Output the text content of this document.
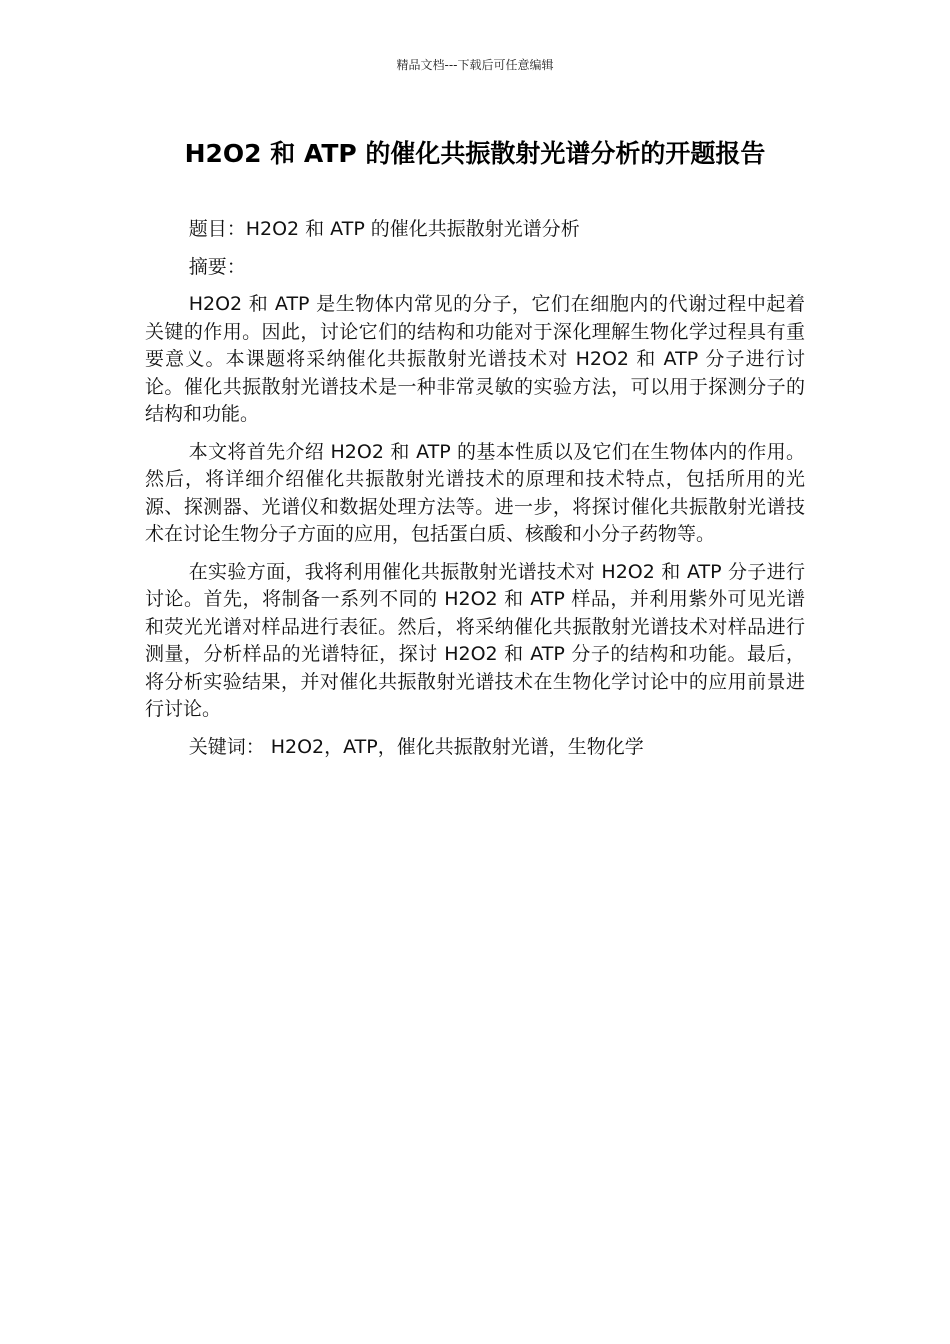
精品文档---下载后可任意编辑
H2O2 和 ATP 的催化共振散射光谱分析的开题报告

题目：H2O2 和 ATP 的催化共振散射光谱分析

摘要：

H2O2 和 ATP 是生物体内常见的分子，它们在细胞内的代谢过程中起着关键的作用。因此，讨论它们的结构和功能对于深化理解生物化学过程具有重要意义。本课题将采纳催化共振散射光谱技术对 H2O2 和 ATP 分子进行讨论。催化共振散射光谱技术是一种非常灵敏的实验方法，可以用于探测分子的结构和功能。

本文将首先介绍 H2O2 和 ATP 的基本性质以及它们在生物体内的作用。然后，将详细介绍催化共振散射光谱技术的原理和技术特点，包括所用的光源、探测器、光谱仪和数据处理方法等。进一步，将探讨催化共振散射光谱技术在讨论生物分子方面的应用，包括蛋白质、核酸和小分子药物等。

在实验方面，我将利用催化共振散射光谱技术对 H2O2 和 ATP 分子进行讨论。首先，将制备一系列不同的 H2O2 和 ATP 样品，并利用紫外可见光谱和荧光光谱对样品进行表征。然后，将采纳催化共振散射光谱技术对样品进行测量，分析样品的光谱特征，探讨 H2O2 和 ATP 分子的结构和功能。最后，将分析实验结果，并对催化共振散射光谱技术在生物化学讨论中的应用前景进行讨论。

关键词： H2O2，ATP，催化共振散射光谱，生物化学
